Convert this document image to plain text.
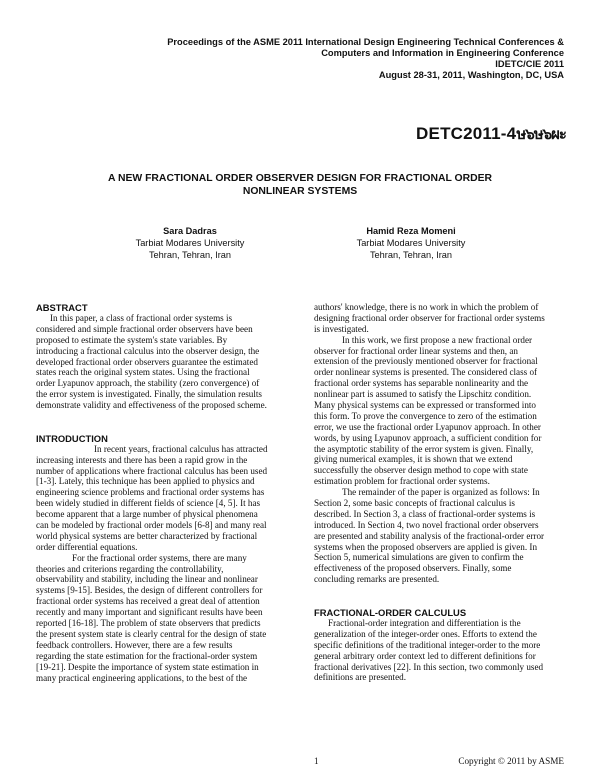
Proceedings of the ASME 2011 International Design Engineering Technical Conferences &
Computers and Information in Engineering Conference
IDETC/CIE 2011
August 28-31, 2011, Washington, DC, USA
DETC2011-4ษ๖ษ๖ผะ
A NEW FRACTIONAL ORDER OBSERVER DESIGN FOR FRACTIONAL ORDER
NONLINEAR SYSTEMS
Sara Dadras
Tarbiat Modares University
Tehran, Tehran, Iran
Hamid Reza Momeni
Tarbiat Modares University
Tehran, Tehran, Iran
ABSTRACT
In this paper, a class of fractional order systems is
considered and simple fractional order observers have been
proposed to estimate the system's state variables. By
introducing a fractional calculus into the observer design, the
developed fractional order observers guarantee the estimated
states reach the original system states. Using the fractional
order Lyapunov approach, the stability (zero convergence) of
the error system is investigated. Finally, the simulation results
demonstrate validity and effectiveness of the proposed scheme.
INTRODUCTION
In recent years, fractional calculus has attracted
increasing interests and there has been a rapid grow in the
number of applications where fractional calculus has been used
[1-3]. Lately, this technique has been applied to physics and
engineering science problems and fractional order systems has
been widely studied in different fields of science [4, 5]. It has
become apparent that a large number of physical phenomena
can be modeled by fractional order models [6-8] and many real
world physical systems are better characterized by fractional
order differential equations.
For the fractional order systems, there are many
theories and criterions regarding the controllability,
observability and stability, including the linear and nonlinear
systems [9-15]. Besides, the design of different controllers for
fractional order systems has received a great deal of attention
recently and many important and significant results have been
reported [16-18]. The problem of state observers that predicts
the present system state is clearly central for the design of state
feedback controllers. However, there are a few results
regarding the state estimation for the fractional-order system
[19-21]. Despite the importance of system state estimation in
many practical engineering applications, to the best of the
authors' knowledge, there is no work in which the problem of
designing fractional order observer for fractional order systems
is investigated.
In this work, we first propose a new fractional order
observer for fractional order linear systems and then, an
extension of the previously mentioned observer for fractional
order nonlinear systems is presented. The considered class of
fractional order systems has separable nonlinearity and the
nonlinear part is assumed to satisfy the Lipschitz condition.
Many physical systems can be expressed or transformed into
this form. To prove the convergence to zero of the estimation
error, we use the fractional order Lyapunov approach. In other
words, by using Lyapunov approach, a sufficient condition for
the asymptotic stability of the error system is given. Finally,
giving numerical examples, it is shown that we extend
successfully the observer design method to cope with state
estimation problem for fractional order systems.
The remainder of the paper is organized as follows: In
Section 2, some basic concepts of fractional calculus is
described. In Section 3, a class of fractional-order systems is
introduced. In Section 4, two novel fractional order observers
are presented and stability analysis of the fractional-order error
systems when the proposed observers are applied is given. In
Section 5, numerical simulations are given to confirm the
effectiveness of the proposed observers. Finally, some
concluding remarks are presented.
FRACTIONAL-ORDER CALCULUS
Fractional-order integration and differentiation is the
generalization of the integer-order ones. Efforts to extend the
specific definitions of the traditional integer-order to the more
general arbitrary order context led to different definitions for
fractional derivatives [22]. In this section, two commonly used
definitions are presented.
1	Copyright © 2011 by ASME
